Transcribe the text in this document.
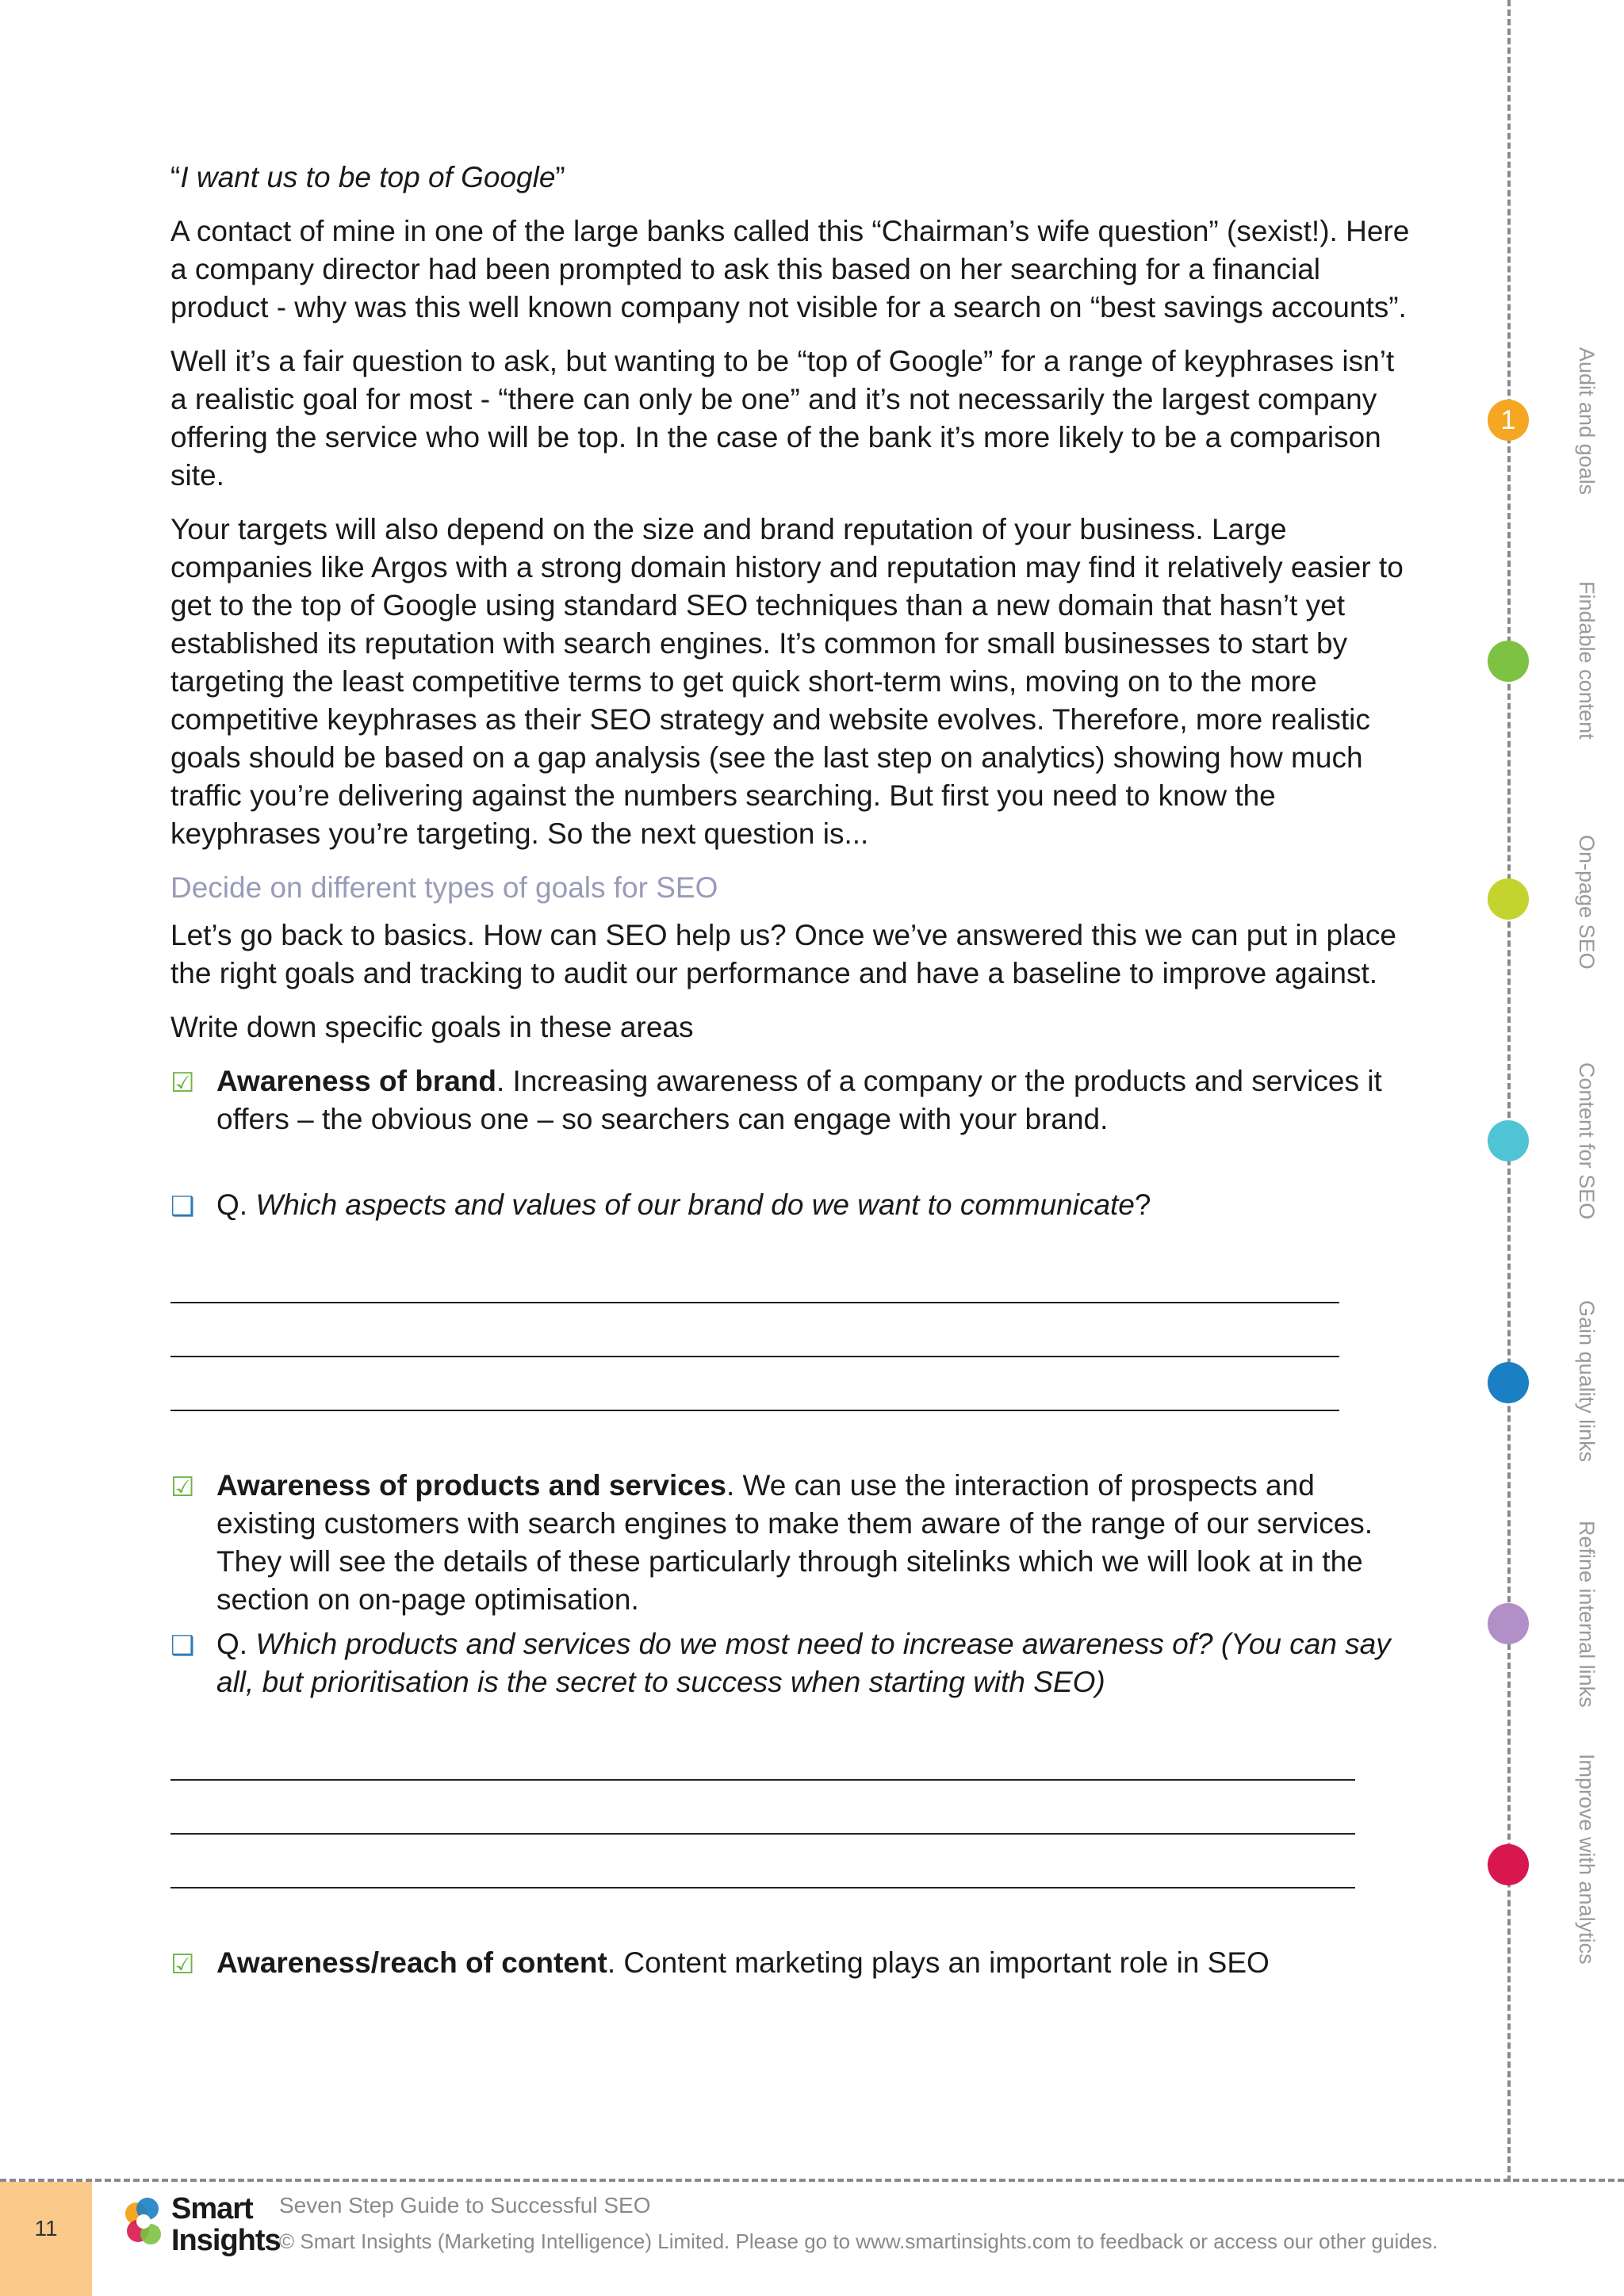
“I want us to be top of Google”

A contact of mine in one of the large banks called this “Chairman’s wife question” (sexist!). Here a company director had been prompted to ask this based on her searching for a financial product - why was this well known company not visible for a search on “best savings accounts”.

Well it’s a fair question to ask, but wanting to be “top of Google” for a range of keyphrases isn’t a realistic goal for most - “there can only be one” and it’s not necessarily the largest company offering the service who will be top. In the case of the bank it’s more likely to be a comparison site.

Your targets will also depend on the size and brand reputation of your business. Large companies like Argos with a strong domain history and reputation may find it relatively easier to get to the top of Google using standard SEO techniques than a new domain that hasn’t yet established its reputation with search engines. It’s common for small businesses to start by targeting the least competitive terms to get quick short-term wins, moving on to the more competitive keyphrases as their SEO strategy and website evolves. Therefore, more realistic goals should be based on a gap analysis (see the last step on analytics) showing how much traffic you’re delivering against the numbers searching. But first you need to know the keyphrases you’re targeting. So the next question is...

Decide on different types of goals for SEO

Let’s go back to basics. How can SEO help us? Once we’ve answered this we can put in place the right goals and tracking to audit our performance and have a baseline to improve against.

Write down specific goals in these areas

☑ Awareness of brand. Increasing awareness of a company or the products and services it offers – the obvious one – so searchers can engage with your brand.
❑ Q. Which aspects and values of our brand do we want to communicate?
☑ Awareness of products and services. We can use the interaction of prospects and existing customers with search engines to make them aware of the range of our services. They will see the details of these particularly through sitelinks which we will look at in the section on on-page optimisation.
❑ Q. Which products and services do we most need to increase awareness of? (You can say all, but prioritisation is the secret to success when starting with SEO)
☑ Awareness/reach of content. Content marketing plays an important role in SEO
1	Audit and goals
Findable content
On-page SEO
Content for SEO
Gain quality links
Refine internal links
Improve with analytics
11
Smart
Insights
Seven Step Guide to Successful SEO
© Smart Insights (Marketing Intelligence) Limited. Please go to www.smartinsights.com to feedback or access our other guides.
